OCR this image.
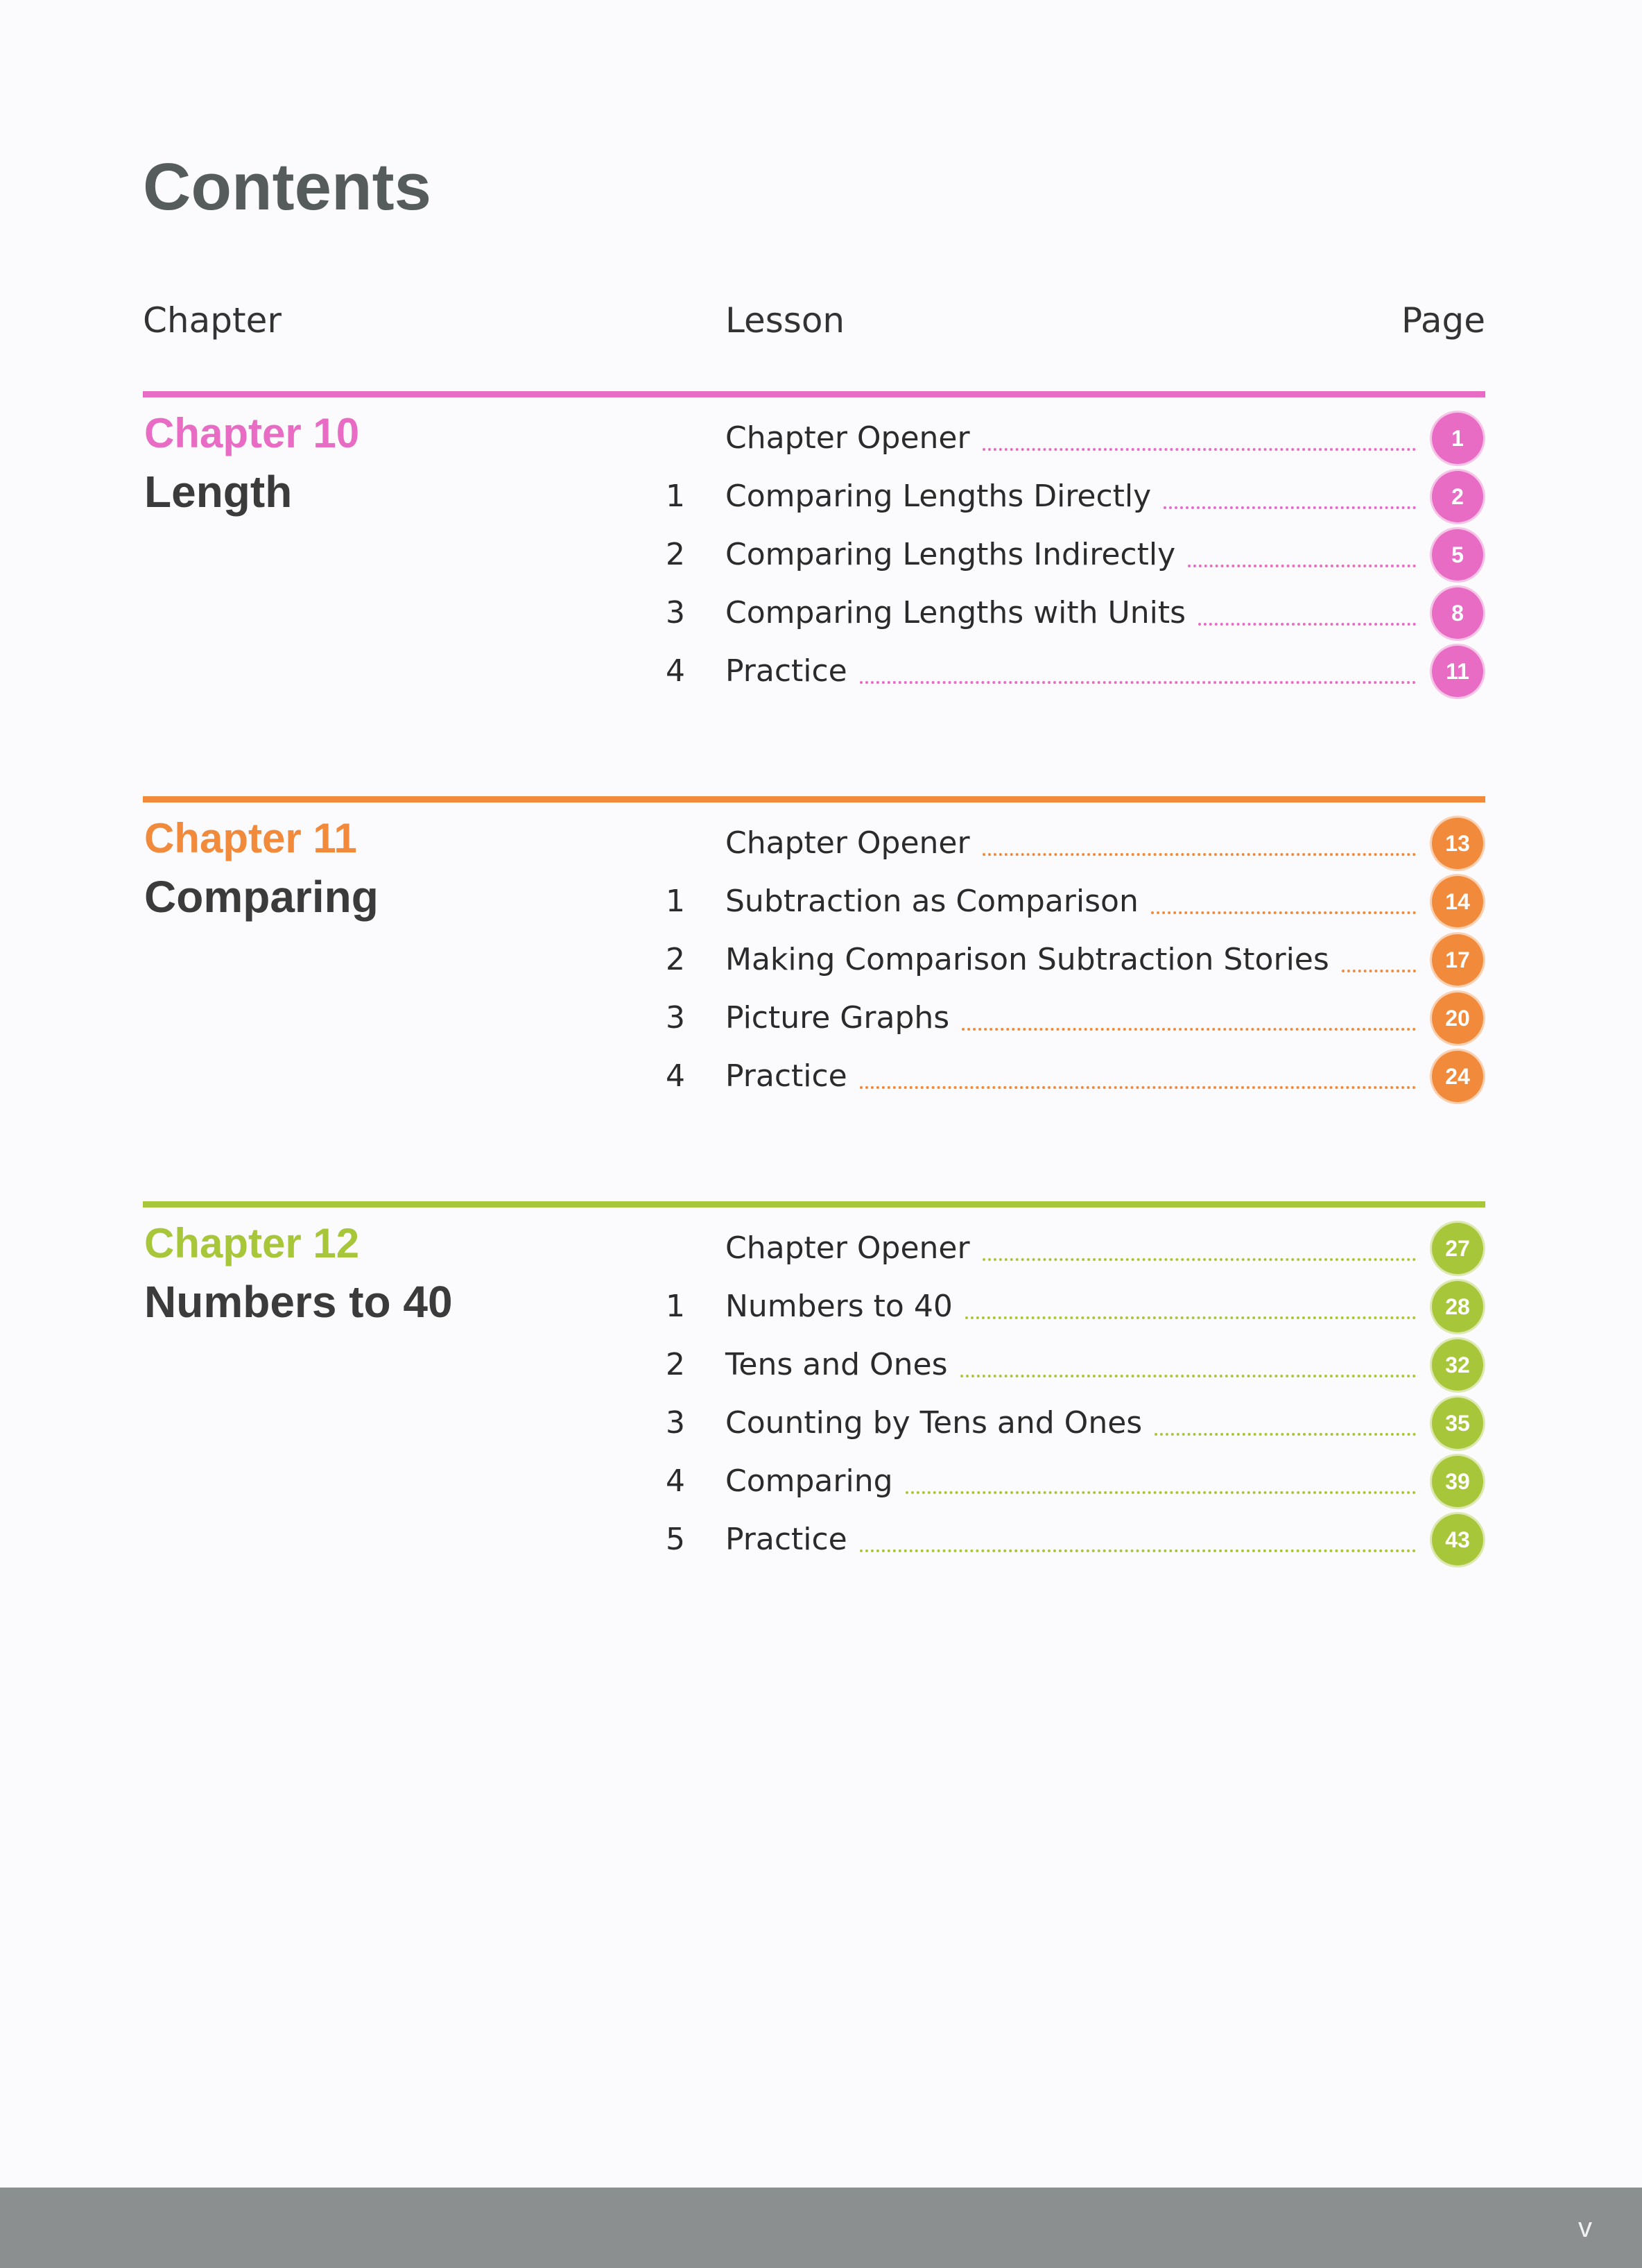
Contents
Chapter	Lesson	Page
Chapter 10
Length
Chapter Opener	1
1 Comparing Lengths Directly	2
2 Comparing Lengths Indirectly	5
3 Comparing Lengths with Units	8
4 Practice	11
Chapter 11
Comparing
Chapter Opener	13
1 Subtraction as Comparison	14
2 Making Comparison Subtraction Stories	17
3 Picture Graphs	20
4 Practice	24
Chapter 12
Numbers to 40
Chapter Opener	27
1 Numbers to 40	28
2 Tens and Ones	32
3 Counting by Tens and Ones	35
4 Comparing	39
5 Practice	43
v
